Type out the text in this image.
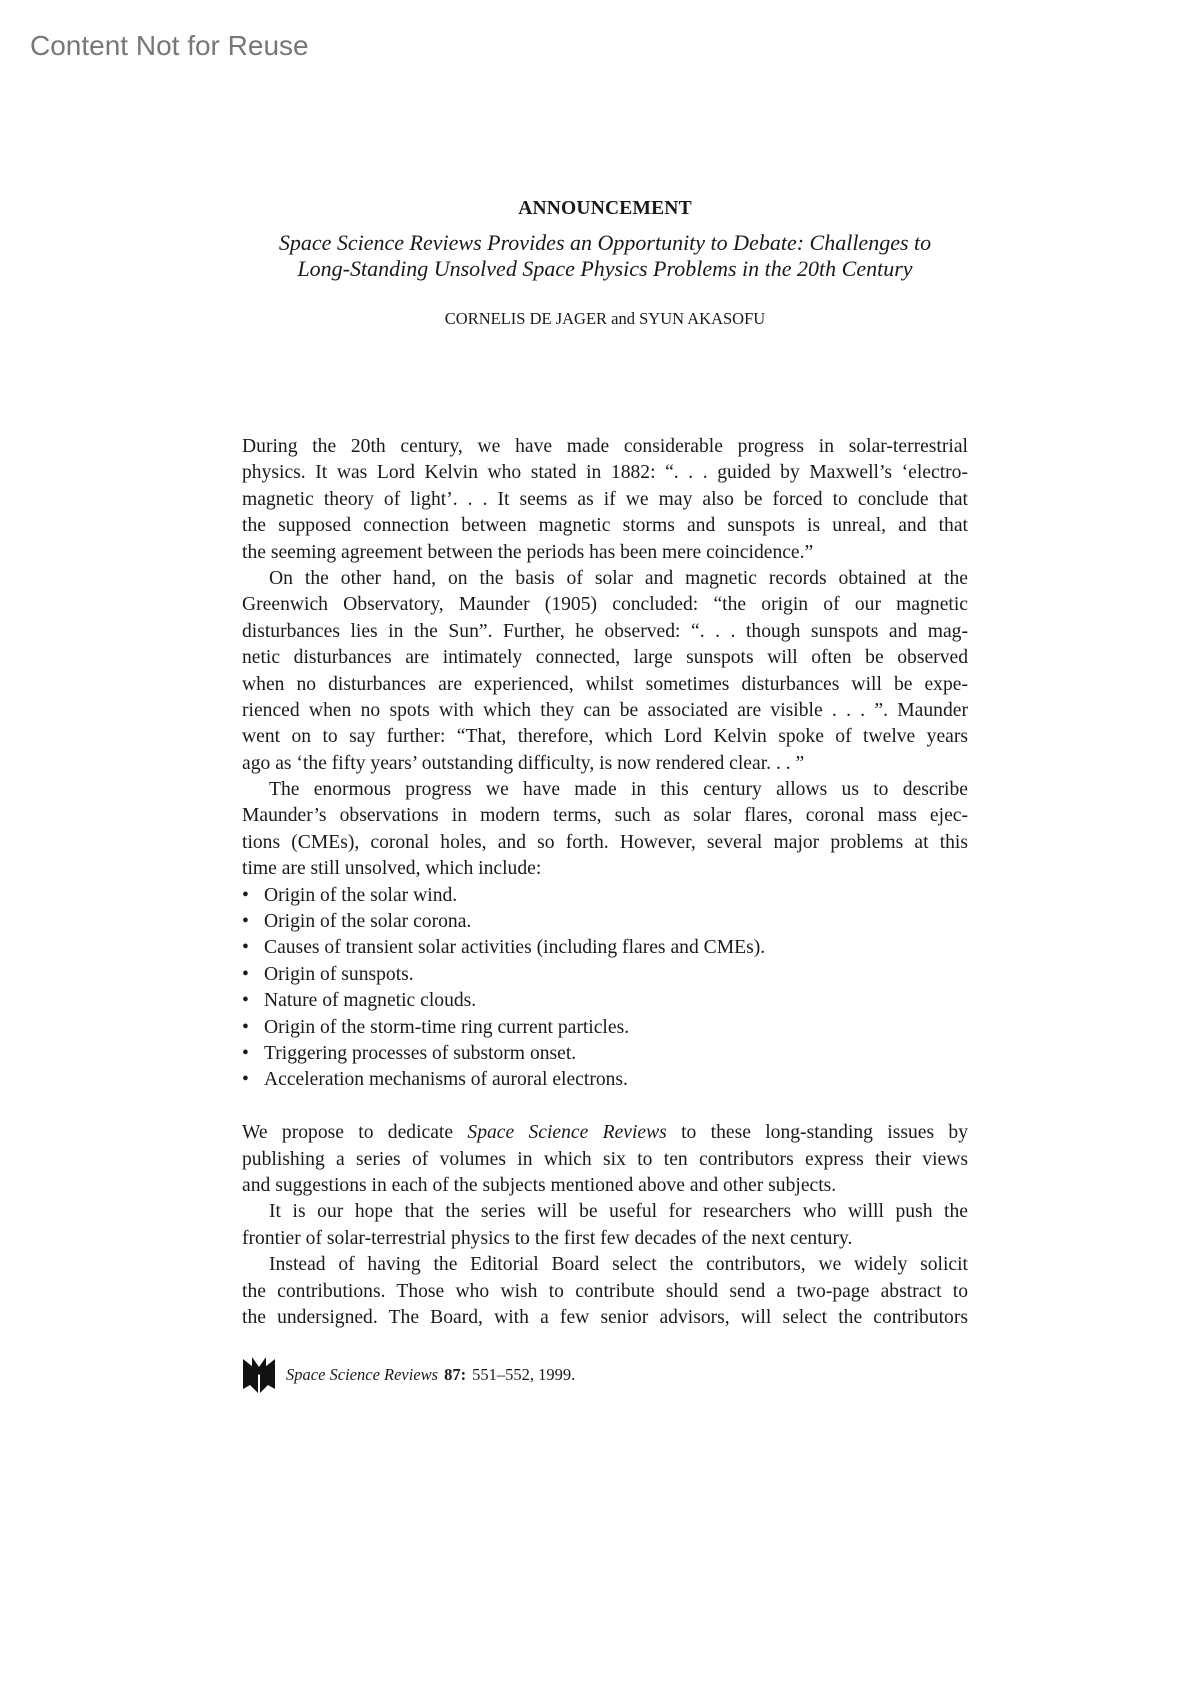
Content Not for Reuse
ANNOUNCEMENT
Space Science Reviews Provides an Opportunity to Debate: Challenges to
Long-Standing Unsolved Space Physics Problems in the 20th Century
CORNELIS DE JAGER and SYUN AKASOFU
During the 20th century, we have made considerable progress in solar-terrestrial
physics. It was Lord Kelvin who stated in 1882: “. . . guided by Maxwell’s ‘electro-
magnetic theory of light’. . . It seems as if we may also be forced to conclude that
the supposed connection between magnetic storms and sunspots is unreal, and that
the seeming agreement between the periods has been mere coincidence.”
On the other hand, on the basis of solar and magnetic records obtained at the
Greenwich Observatory, Maunder (1905) concluded: “the origin of our magnetic
disturbances lies in the Sun”. Further, he observed: “. . . though sunspots and mag-
netic disturbances are intimately connected, large sunspots will often be observed
when no disturbances are experienced, whilst sometimes disturbances will be expe-
rienced when no spots with which they can be associated are visible . . . ”. Maunder
went on to say further: “That, therefore, which Lord Kelvin spoke of twelve years
ago as ‘the fifty years’ outstanding difficulty, is now rendered clear. . . ”
The enormous progress we have made in this century allows us to describe
Maunder’s observations in modern terms, such as solar flares, coronal mass ejec-
tions (CMEs), coronal holes, and so forth. However, several major problems at this
time are still unsolved, which include:
• Origin of the solar wind.
• Origin of the solar corona.
• Causes of transient solar activities (including flares and CMEs).
• Origin of sunspots.
• Nature of magnetic clouds.
• Origin of the storm-time ring current particles.
• Triggering processes of substorm onset.
• Acceleration mechanisms of auroral electrons.
We propose to dedicate Space Science Reviews to these long-standing issues by
publishing a series of volumes in which six to ten contributors express their views
and suggestions in each of the subjects mentioned above and other subjects.
It is our hope that the series will be useful for researchers who willl push the
frontier of solar-terrestrial physics to the first few decades of the next century.
Instead of having the Editorial Board select the contributors, we widely solicit
the contributions. Those who wish to contribute should send a two-page abstract to
the undersigned. The Board, with a few senior advisors, will select the contributors
Space Science Reviews 87: 551–552, 1999.
